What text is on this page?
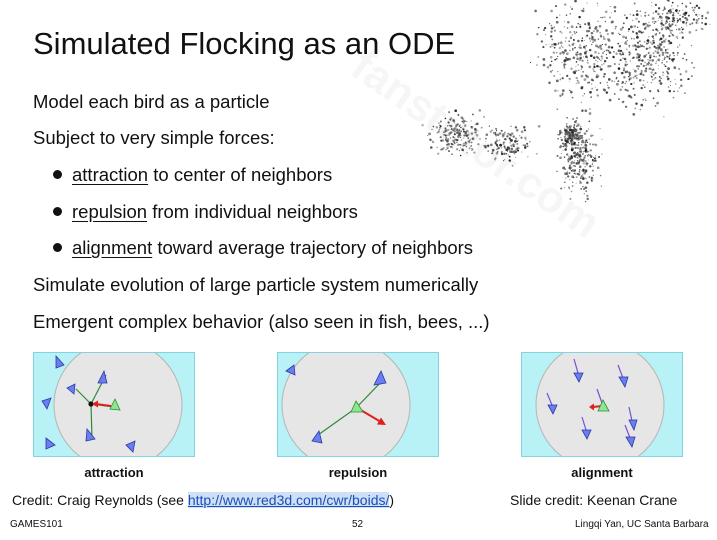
Simulated Flocking as an ODE
Model each bird as a particle
Subject to very simple forces:
attraction to center of neighbors
repulsion from individual neighbors
alignment toward average trajectory of neighbors
Simulate evolution of large particle system numerically
Emergent complex behavior (also seen in fish, bees, ...)
attraction	repulsion	alignment
Credit: Craig Reynolds (see http://www.red3d.com/cwr/boids/)	Slide credit: Keenan Crane
GAMES101	52	Lingqi Yan, UC Santa Barbara
